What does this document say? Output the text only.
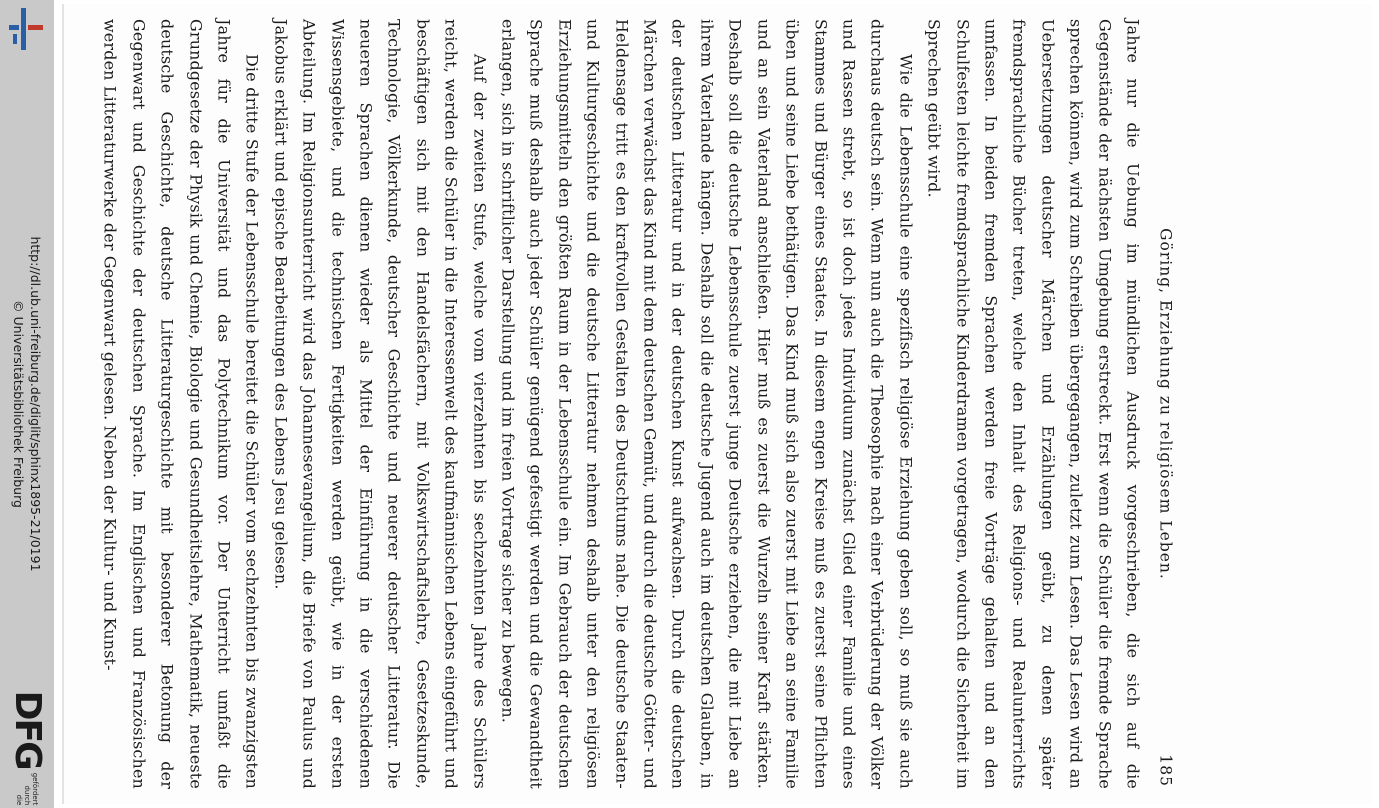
http://dl.ub.uni-freiburg.de/diglit/sphinx1895-21/0191
© Universitätsbibliothek Freiburg
DFG
gefördert durch die
Göring, Erziehung zu religiösem Leben.
185

Jahre nur die Uebung im mündlichen Ausdruck vorgeschrieben, die sich auf die Gegenstände der nächsten Umgebung erstreckt. Erst wenn die Schüler die fremde Sprache sprechen können, wird zum Schreiben übergegangen, zuletzt zum Lesen. Das Lesen wird an Uebersetzungen deutscher Märchen und Erzählungen geübt, zu denen später fremdsprachliche Bücher treten, welche den Inhalt des Religions- und Realunterrichts umfassen. In beiden fremden Sprachen werden freie Vorträge gehalten und an den Schulfesten leichte fremdsprachliche Kinderdramen vorgetragen, wodurch die Sicherheit im Sprechen geübt wird.

Wie die Lebensschule eine spezifisch religiöse Erziehung geben soll, so muß sie auch durchaus deutsch sein. Wenn nun auch die Theosophie nach einer Verbrüderung der Völker und Rassen strebt, so ist doch jedes Individuum zunächst Glied einer Familie und eines Stammes und Bürger eines Staates. In diesem engen Kreise muß es zuerst seine Pflichten üben und seine Liebe bethätigen. Das Kind muß sich also zuerst mit Liebe an seine Familie und an sein Vaterland anschließen. Hier muß es zuerst die Wurzeln seiner Kraft stärken. Deshalb soll die deutsche Lebensschule zuerst junge Deutsche erziehen, die mit Liebe an ihrem Vaterlande hängen. Deshalb soll die deutsche Jugend auch im deutschen Glauben, in der deutschen Litteratur und in der deutschen Kunst aufwachsen. Durch die deutschen Märchen verwächst das Kind mit dem deutschen Gemüt, und durch die deutsche Götter- und Heldensage tritt es den kraftvollen Gestalten des Deutschtums nahe. Die deutsche Staaten- und Kulturgeschichte und die deutsche Litteratur nehmen deshalb unter den religiösen Erziehungsmitteln den größten Raum in der Lebensschule ein. Im Gebrauch der deutschen Sprache muß deshalb auch jeder Schüler genügend gefestigt werden und die Gewandtheit erlangen, sich in schriftlicher Darstellung und im freien Vortrage sicher zu bewegen.

Auf der zweiten Stufe, welche vom vierzehnten bis sechzehnten Jahre des Schülers reicht, werden die Schüler in die Interessenwelt des kaufmännischen Lebens eingeführt und beschäftigen sich mit den Handelsfächern, mit Volkswirtschaftslehre, Gesetzeskunde, Technologie, Völkerkunde, deutscher Geschichte und neuerer deutscher Litteratur. Die neueren Sprachen dienen wieder als Mittel der Einführung in die verschiedenen Wissensgebiete, und die technischen Fertigkeiten werden geübt, wie in der ersten Abteilung. Im Religionsunterricht wird das Johannesevangelium, die Briefe von Paulus und Jakobus erklärt und epische Bearbeitungen des Lebens Jesu gelesen.

Die dritte Stufe der Lebensschule bereitet die Schüler vom sechzehnten bis zwanzigsten Jahre für die Universität und das Polytechnikum vor. Der Unterricht umfaßt die Grundgesetze der Physik und Chemie, Biologie und Gesundheitslehre, Mathematik, neueste deutsche Geschichte, deutsche Litteraturgeschichte mit besonderer Betonung der Gegenwart und Geschichte der deutschen Sprache. Im Englischen und Französischen werden Litteraturwerke der Gegenwart gelesen. Neben der Kultur- und Kunst-
